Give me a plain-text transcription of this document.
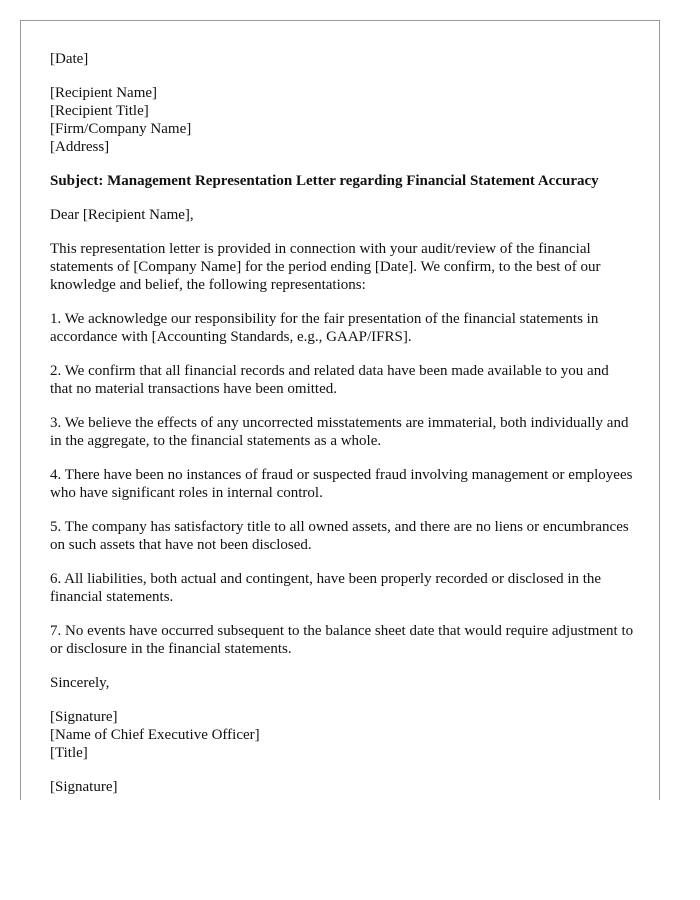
[Date]
[Recipient Name]
[Recipient Title]
[Firm/Company Name]
[Address]

Subject: Management Representation Letter regarding Financial Statement Accuracy

Dear [Recipient Name],

This representation letter is provided in connection with your audit/review of the financial statements of [Company Name] for the period ending [Date]. We confirm, to the best of our knowledge and belief, the following representations:

1. We acknowledge our responsibility for the fair presentation of the financial statements in accordance with [Accounting Standards, e.g., GAAP/IFRS].

2. We confirm that all financial records and related data have been made available to you and that no material transactions have been omitted.

3. We believe the effects of any uncorrected misstatements are immaterial, both individually and in the aggregate, to the financial statements as a whole.

4. There have been no instances of fraud or suspected fraud involving management or employees who have significant roles in internal control.

5. The company has satisfactory title to all owned assets, and there are no liens or encumbrances on such assets that have not been disclosed.

6. All liabilities, both actual and contingent, have been properly recorded or disclosed in the financial statements.

7. No events have occurred subsequent to the balance sheet date that would require adjustment to or disclosure in the financial statements.

Sincerely,

[Signature]
[Name of Chief Executive Officer]
[Title]
[Signature]
